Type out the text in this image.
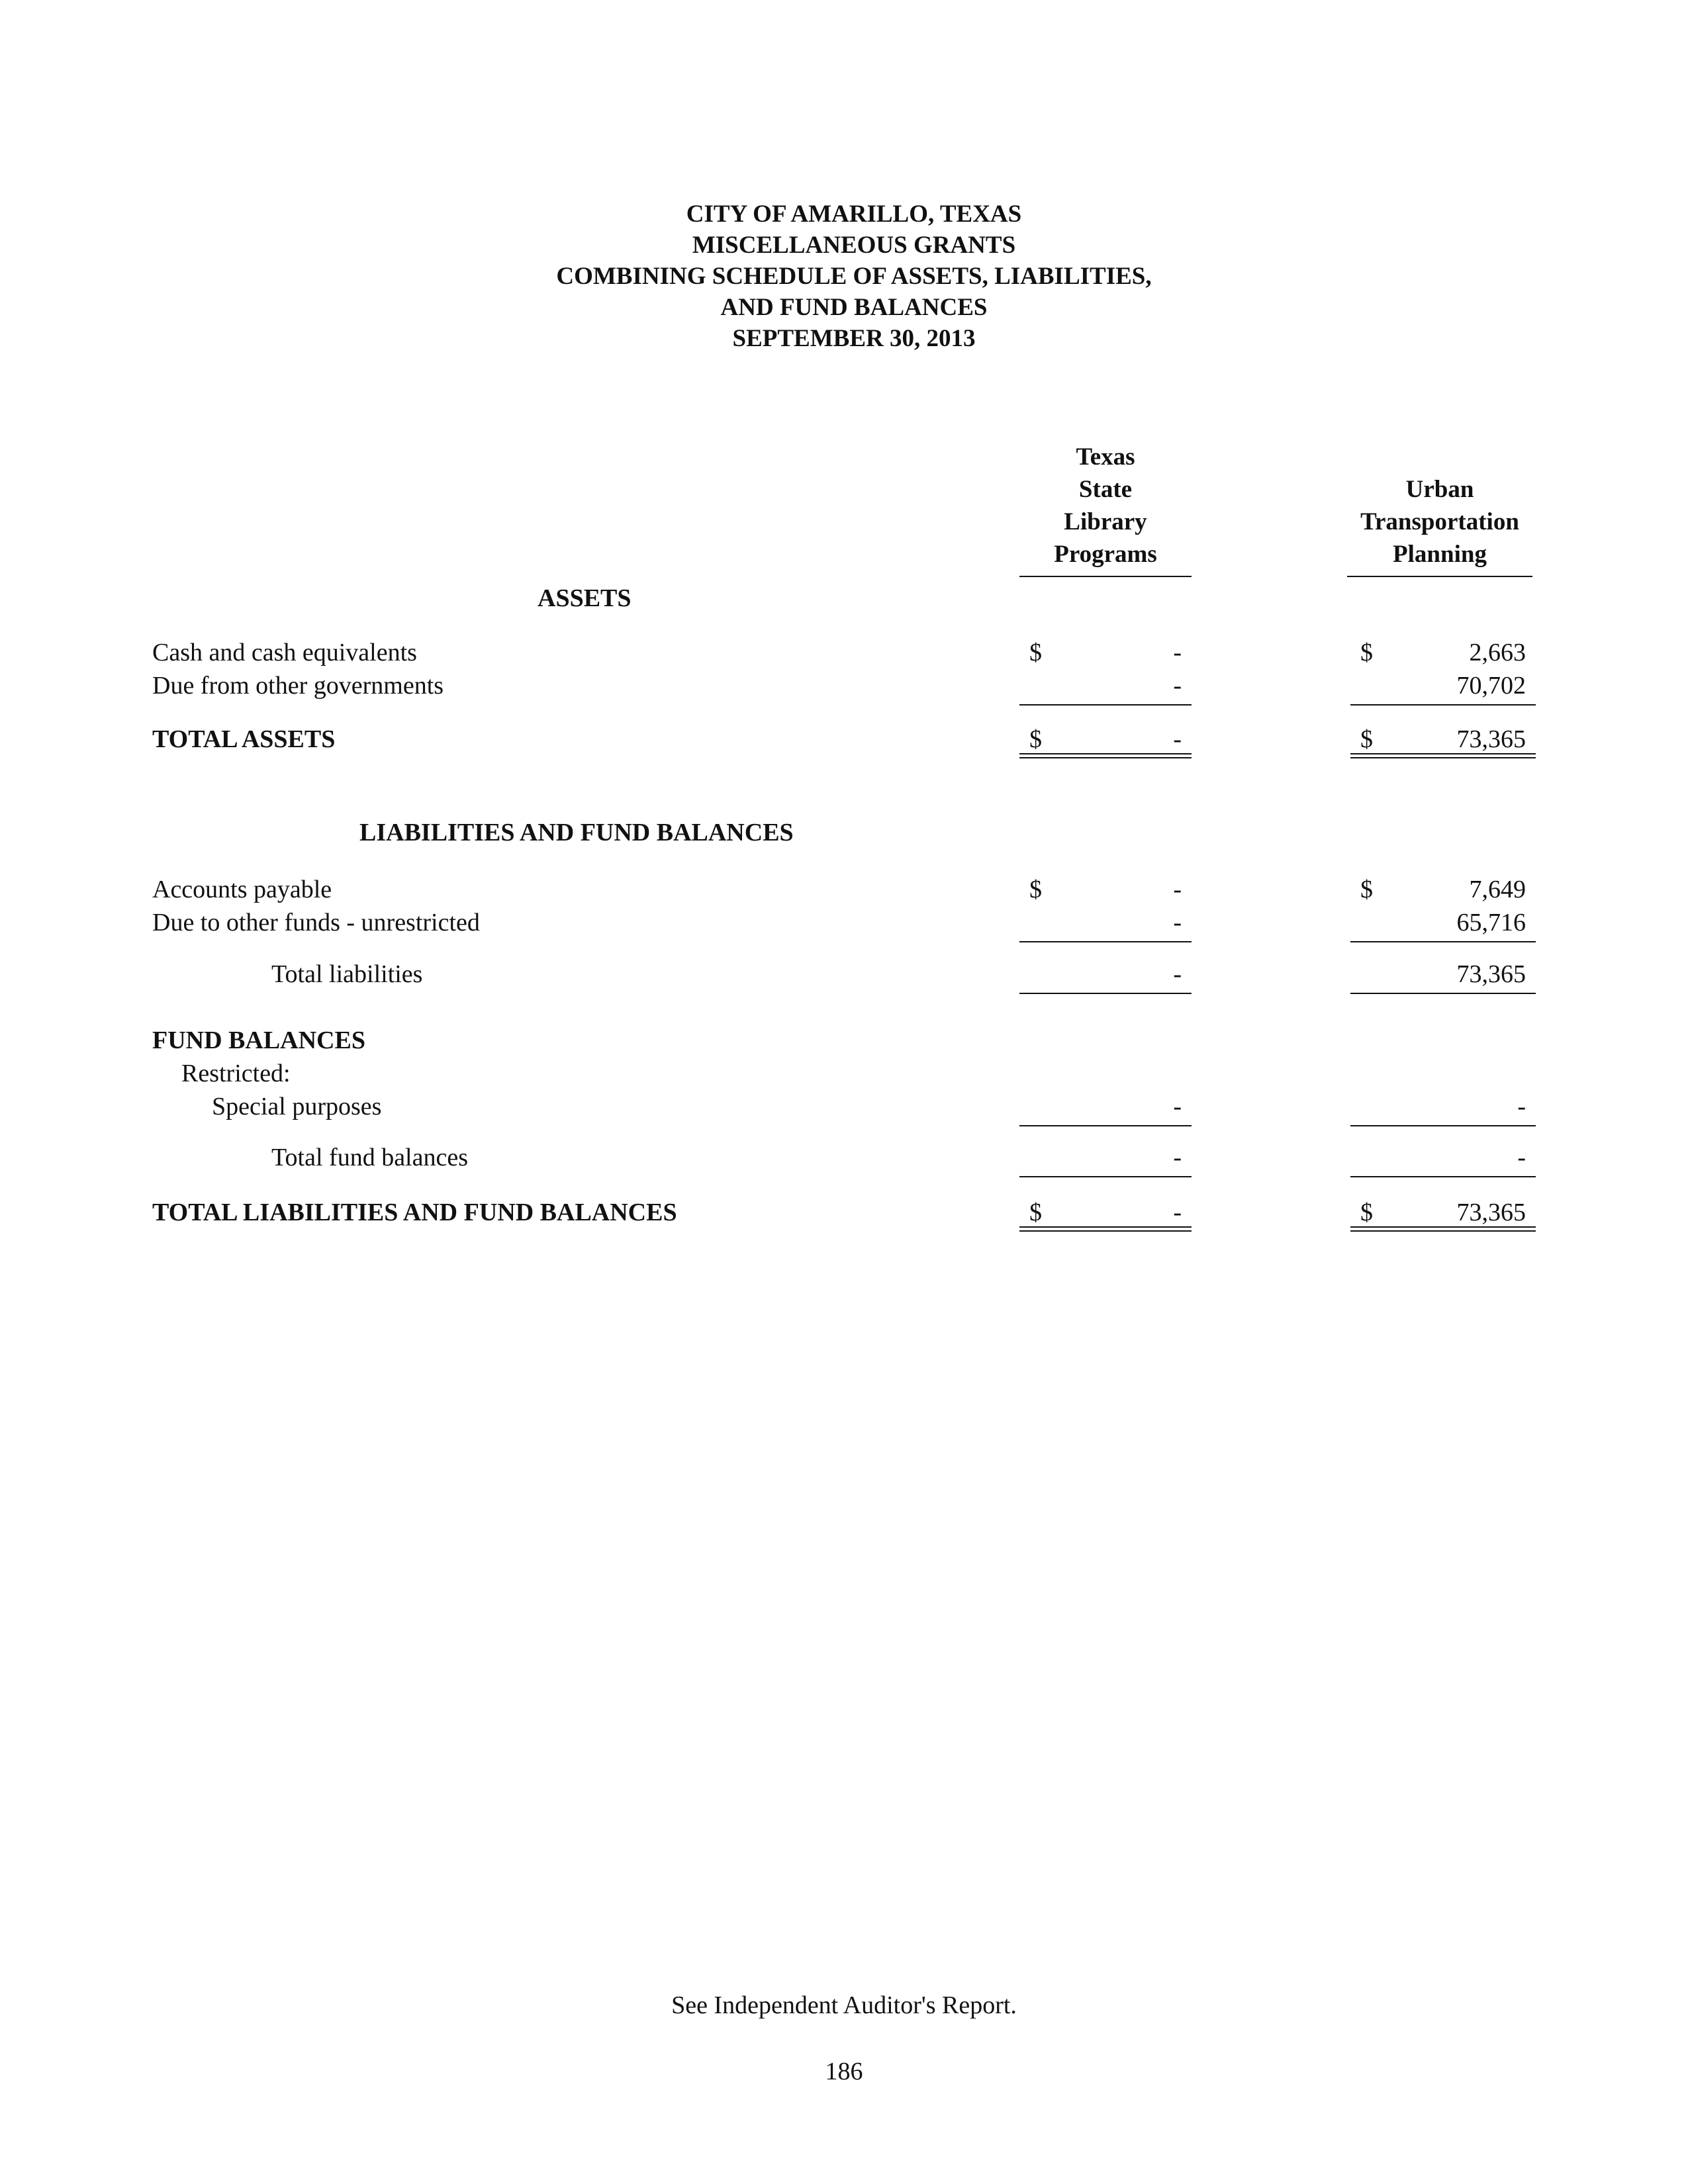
CITY OF AMARILLO, TEXAS
MISCELLANEOUS GRANTS
COMBINING SCHEDULE OF ASSETS, LIABILITIES,
AND FUND BALANCES
SEPTEMBER 30, 2013
Texas
State
Library
Programs
Urban
Transportation
Planning
ASSETS
Cash and cash equivalents	$	-	$	2,663
Due from other governments	-	70,702
TOTAL ASSETS	$	-	$	73,365
LIABILITIES AND FUND BALANCES
Accounts payable	$	-	$	7,649
Due to other funds - unrestricted	-	65,716
Total liabilities	-	73,365
FUND BALANCES
Restricted:
Special purposes	-	-
Total fund balances	-	-
TOTAL LIABILITIES AND FUND BALANCES	$	-	$	73,365
See Independent Auditor's Report.
186
